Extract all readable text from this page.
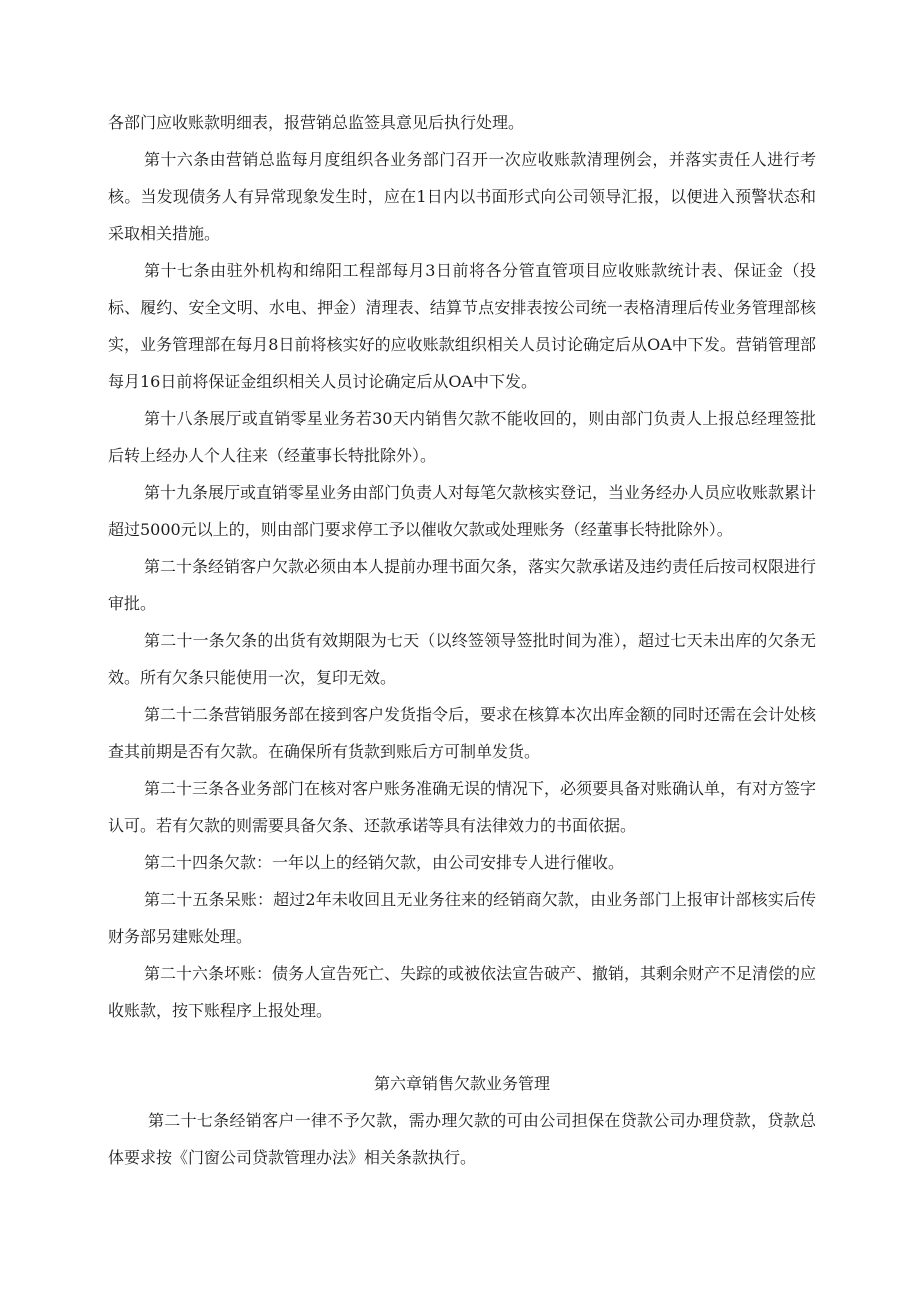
各部门应收账款明细表，报营销总监签具意见后执行处理。

第十六条由营销总监每月度组织各业务部门召开一次应收账款清理例会，并落实责任人进行考核。当发现债务人有异常现象发生时，应在1日内以书面形式向公司领导汇报，以便进入预警状态和采取相关措施。

第十七条由驻外机构和绵阳工程部每月3日前将各分管直管项目应收账款统计表、保证金（投标、履约、安全文明、水电、押金）清理表、结算节点安排表按公司统一表格清理后传业务管理部核实，业务管理部在每月8日前将核实好的应收账款组织相关人员讨论确定后从OA中下发。营销管理部每月16日前将保证金组织相关人员讨论确定后从OA中下发。

第十八条展厅或直销零星业务若30天内销售欠款不能收回的，则由部门负责人上报总经理签批后转上经办人个人往来（经董事长特批除外）。

第十九条展厅或直销零星业务由部门负责人对每笔欠款核实登记，当业务经办人员应收账款累计超过5000元以上的，则由部门要求停工予以催收欠款或处理账务（经董事长特批除外）。

第二十条经销客户欠款必须由本人提前办理书面欠条，落实欠款承诺及违约责任后按司权限进行审批。

第二十一条欠条的出货有效期限为七天（以终签领导签批时间为准），超过七天未出库的欠条无效。所有欠条只能使用一次，复印无效。

第二十二条营销服务部在接到客户发货指令后，要求在核算本次出库金额的同时还需在会计处核查其前期是否有欠款。在确保所有货款到账后方可制单发货。

第二十三条各业务部门在核对客户账务准确无误的情况下，必须要具备对账确认单，有对方签字认可。若有欠款的则需要具备欠条、还款承诺等具有法律效力的书面依据。

第二十四条欠款：一年以上的经销欠款，由公司安排专人进行催收。

第二十五条呆账：超过2年未收回且无业务往来的经销商欠款，由业务部门上报审计部核实后传财务部另建账处理。

第二十六条坏账：债务人宣告死亡、失踪的或被依法宣告破产、撤销，其剩余财产不足清偿的应收账款，按下账程序上报处理。

第六章销售欠款业务管理

第二十七条经销客户一律不予欠款，需办理欠款的可由公司担保在贷款公司办理贷款，贷款总体要求按《门窗公司贷款管理办法》相关条款执行。
